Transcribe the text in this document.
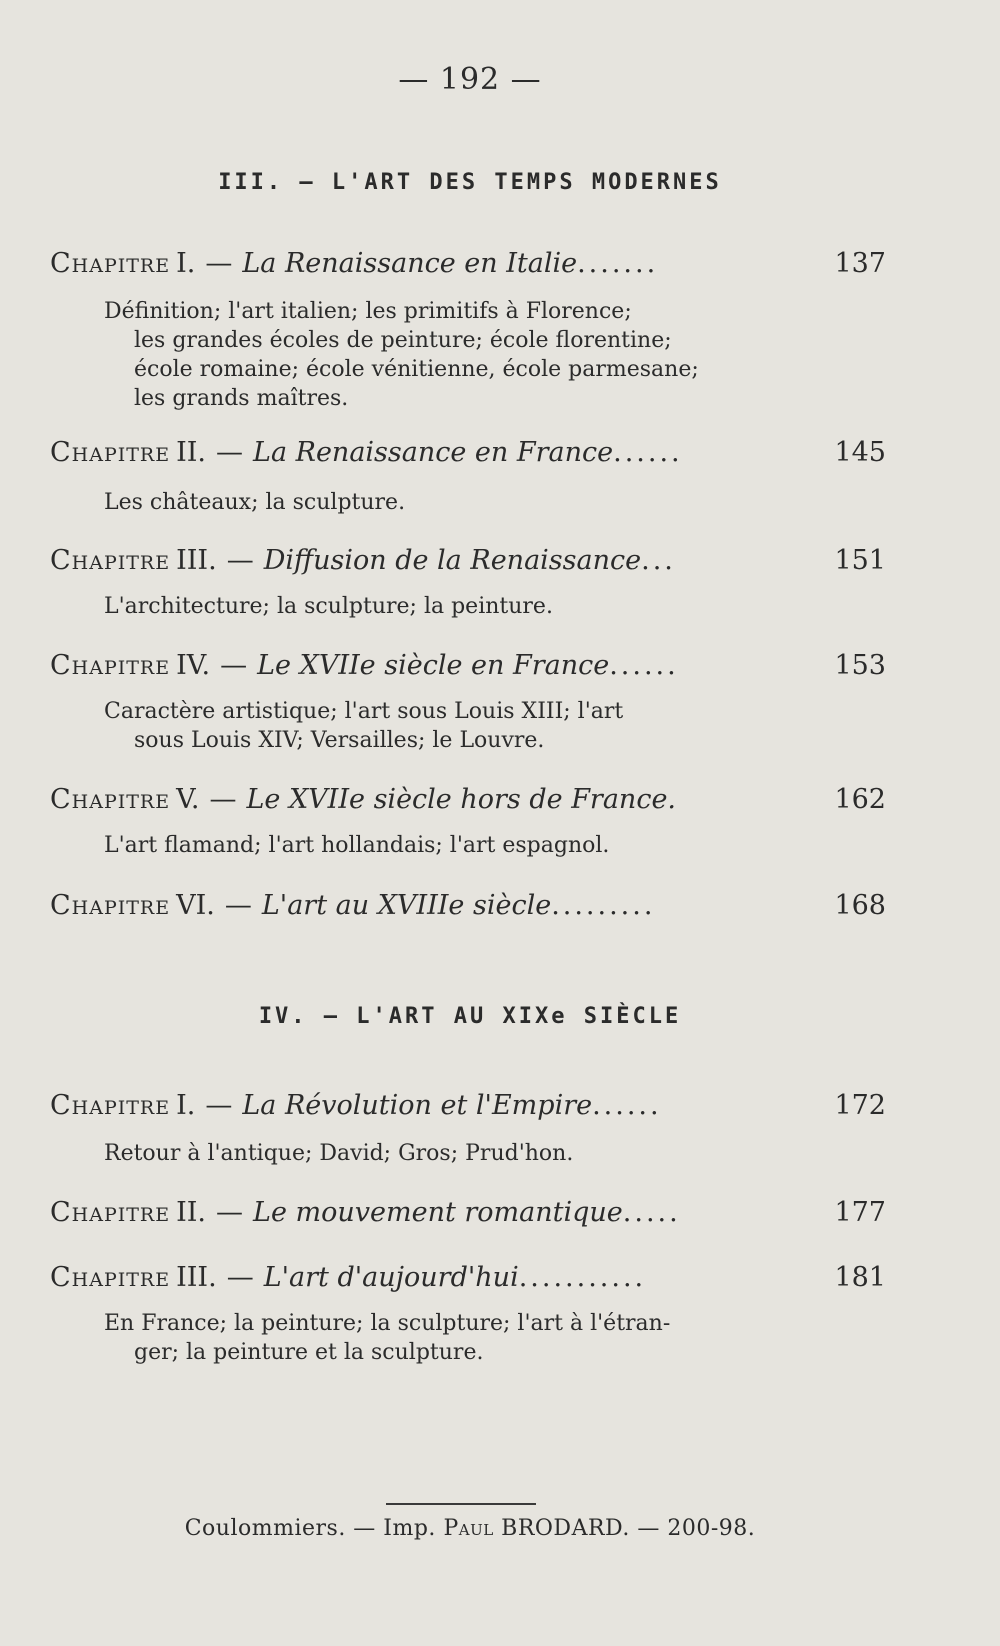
— 192 —
III. — L'ART DES TEMPS MODERNES
Chapitre I. — La Renaissance en Italie .......	137
Définition; l'art italien; les primitifs à Florence;
les grandes écoles de peinture; école florentine;
école romaine; école vénitienne, école parmesane;
les grands maîtres.
Chapitre II. — La Renaissance en France ......	145
Les châteaux; la sculpture.
Chapitre III. — Diffusion de la Renaissance ...	151
L'architecture; la sculpture; la peinture.
Chapitre IV. — Le XVIIe siècle en France ......	153
Caractère artistique; l'art sous Louis XIII; l'art
sous Louis XIV; Versailles; le Louvre.
Chapitre V. — Le XVIIe siècle hors de France.	162
L'art flamand; l'art hollandais; l'art espagnol.
Chapitre VI. — L'art au XVIIIe siècle .........	168
IV. — L'ART AU XIXe SIÈCLE
Chapitre I. — La Révolution et l'Empire ......	172
Retour à l'antique; David; Gros; Prud'hon.
Chapitre II. — Le mouvement romantique .....	177
Chapitre III. — L'art d'aujourd'hui ...........	181
En France; la peinture; la sculpture; l'art à l'étran-
ger; la peinture et la sculpture.
Coulommiers. — Imp. Paul BRODARD. — 200-98.
